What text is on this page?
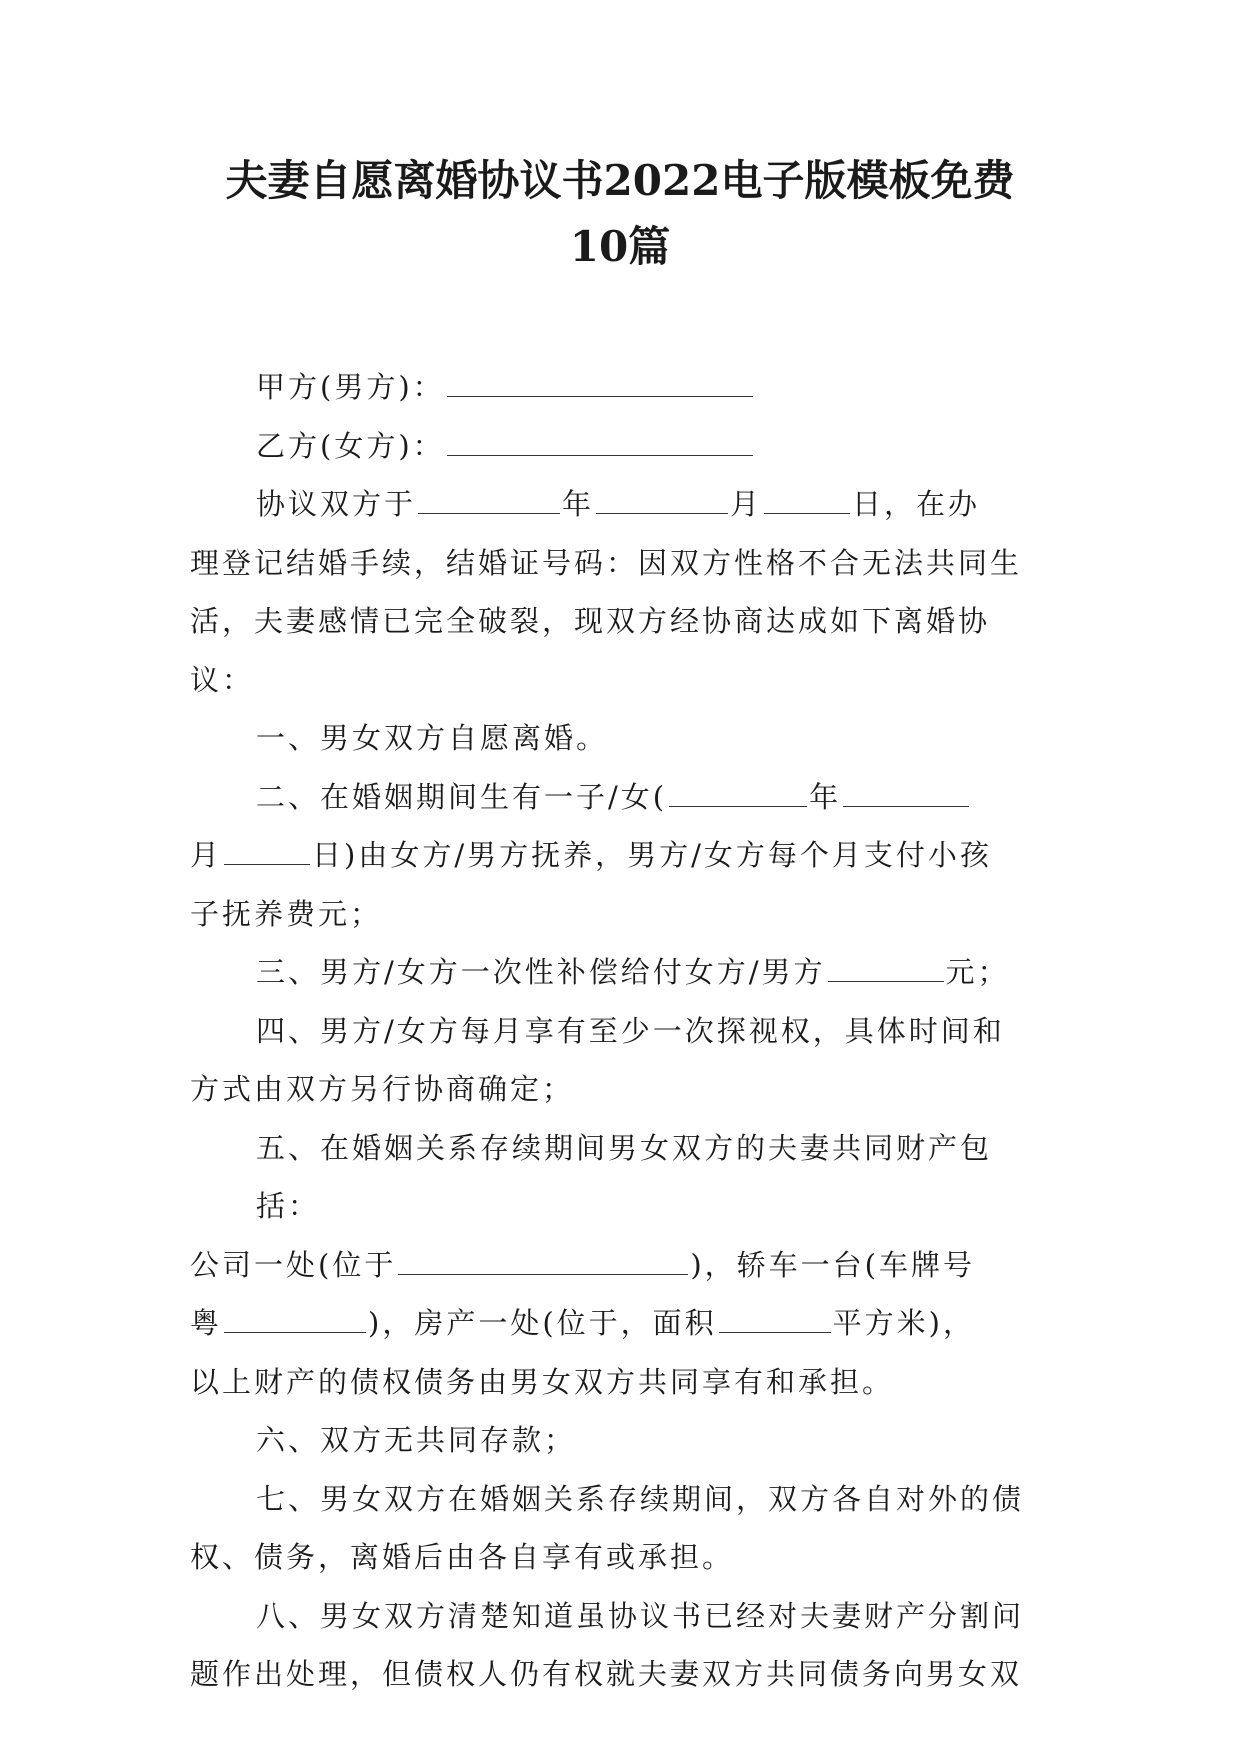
夫妻自愿离婚协议书2022电子版模板免费
10篇
甲方(男方)：
乙方(女方)：
协议双方于	年	月	日，在办
理登记结婚手续，结婚证号码：因双方性格不合无法共同生
活，夫妻感情已完全破裂，现双方经协商达成如下离婚协议：
一、男女双方自愿离婚。
二、在婚姻期间生有一子/女(	年
月	日)由女方/男方抚养，男方/女方每个月支付小孩
子抚养费元；
三、男方/女方一次性补偿给付女方/男方	元；
四、男方/女方每月享有至少一次探视权，具体时间和
方式由双方另行协商确定；
五、在婚姻关系存续期间男女双方的夫妻共同财产包括：
公司一处(位于	)，轿车一台(车牌号
粤	)，房产一处(位于，面积	平方米)，
以上财产的债权债务由男女双方共同享有和承担。
六、双方无共同存款；
七、男女双方在婚姻关系存续期间，双方各自对外的债
权、债务，离婚后由各自享有或承担。
八、男女双方清楚知道虽协议书已经对夫妻财产分割问
题作出处理，但债权人仍有权就夫妻双方共同债务向男女双
